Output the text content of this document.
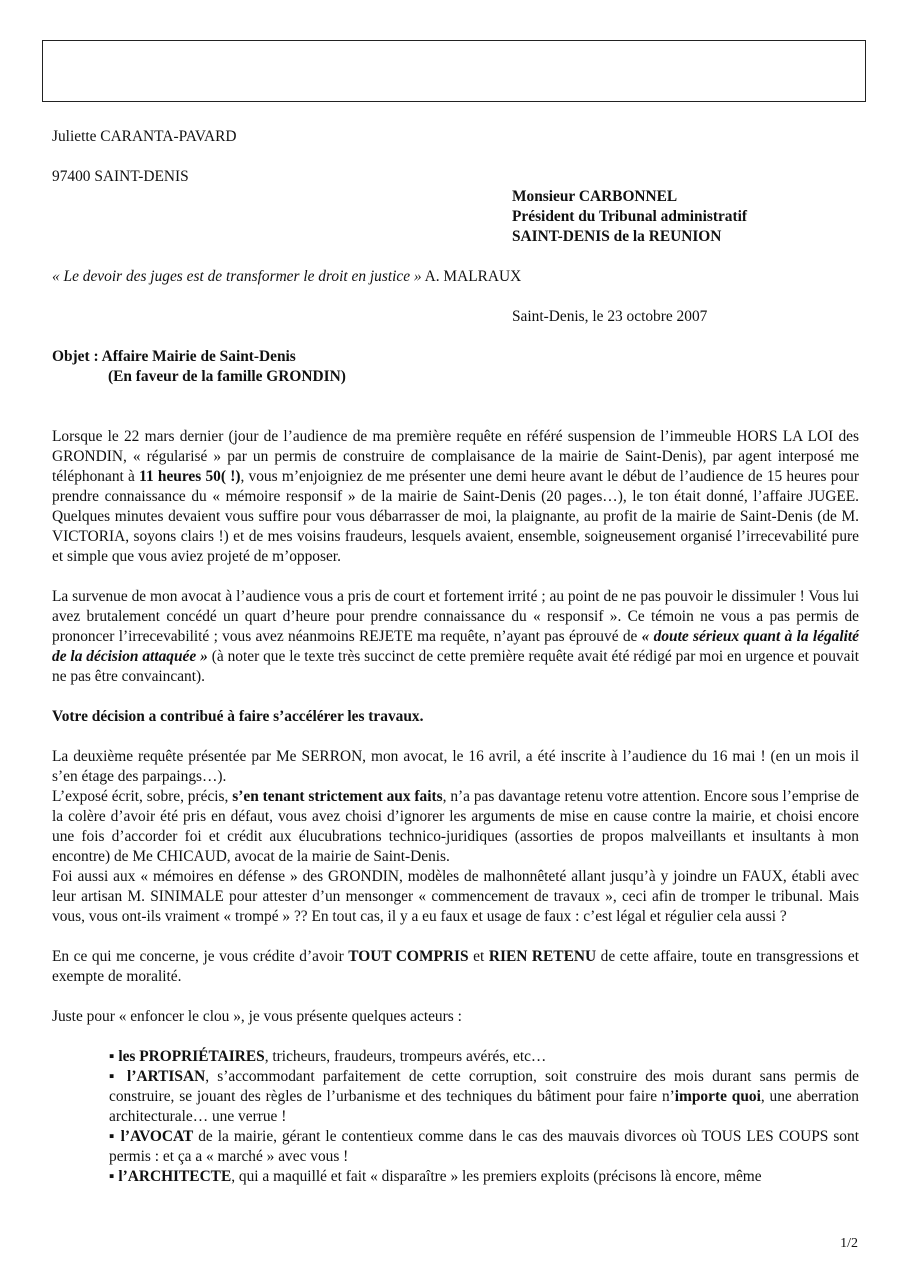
Juliette CARANTA-PAVARD
97400 SAINT-DENIS
Monsieur CARBONNEL
Président du Tribunal administratif
SAINT-DENIS de la REUNION
« Le devoir des juges est de transformer le droit en justice » A. MALRAUX
Saint-Denis, le 23 octobre 2007
Objet : Affaire Mairie de Saint-Denis
(En faveur de la famille GRONDIN)

Lorsque le 22 mars dernier (jour de l’audience de ma première requête en référé suspension de l’immeuble HORS LA LOI des GRONDIN, « régularisé » par un permis de construire de complaisance de la mairie de Saint-Denis), par agent interposé me téléphonant à 11 heures 50( !), vous m’enjoigniez de me présenter une demi heure avant le début de l’audience de 15 heures pour prendre connaissance du « mémoire responsif » de la mairie de Saint-Denis (20 pages…), le ton était donné, l’affaire JUGEE. Quelques minutes devaient vous suffire pour vous débarrasser de moi, la plaignante, au profit de la mairie de Saint-Denis (de M. VICTORIA, soyons clairs !) et de mes voisins fraudeurs, lesquels avaient, ensemble, soigneusement organisé l’irrecevabilité pure et simple que vous aviez projeté de m’opposer.

La survenue de mon avocat à l’audience vous a pris de court et fortement irrité ; au point de ne pas pouvoir le dissimuler ! Vous lui avez brutalement concédé un quart d’heure pour prendre connaissance du « responsif ». Ce témoin ne vous a pas permis de prononcer l’irrecevabilité ; vous avez néanmoins REJETE ma requête, n’ayant pas éprouvé de « doute sérieux quant à la légalité de la décision attaquée » (à noter que le texte très succinct de cette première requête avait été rédigé par moi en urgence et pouvait ne pas être convaincant).

Votre décision a contribué à faire s’accélérer les travaux.

La deuxième requête présentée par Me SERRON, mon avocat, le 16 avril, a été inscrite à l’audience du 16 mai ! (en un mois il s’en étage des parpaings…).

L’exposé écrit, sobre, précis, s’en tenant strictement aux faits, n’a pas davantage retenu votre attention. Encore sous l’emprise de la colère d’avoir été pris en défaut, vous avez choisi d’ignorer les arguments de mise en cause contre la mairie, et choisi encore une fois d’accorder foi et crédit aux élucubrations technico-juridiques (assorties de propos malveillants et insultants à mon encontre) de Me CHICAUD, avocat de la mairie de Saint-Denis.

Foi aussi aux « mémoires en défense » des GRONDIN, modèles de malhonnêteté allant jusqu’à y joindre un FAUX, établi avec leur artisan M. SINIMALE pour attester d’un mensonger « commencement de travaux », ceci afin de tromper le tribunal. Mais vous, vous ont-ils vraiment « trompé » ?? En tout cas, il y a eu faux et usage de faux : c’est légal et régulier cela aussi ?

En ce qui me concerne, je vous crédite d’avoir TOUT COMPRIS et RIEN RETENU de cette affaire, toute en transgressions et exempte de moralité.

Juste pour « enfoncer le clou », je vous présente quelques acteurs :

▪ les PROPRIÉTAIRES, tricheurs, fraudeurs, trompeurs avérés, etc…

▪ l’ARTISAN, s’accommodant parfaitement de cette corruption, soit construire des mois durant sans permis de construire, se jouant des règles de l’urbanisme et des techniques du bâtiment pour faire n’importe quoi, une aberration architecturale… une verrue !

▪ l’AVOCAT de la mairie, gérant le contentieux comme dans le cas des mauvais divorces où TOUS LES COUPS sont permis : et ça a « marché » avec vous !

▪ l’ARCHITECTE, qui a maquillé et fait « disparaître » les premiers exploits (précisons là encore, même

1/2
